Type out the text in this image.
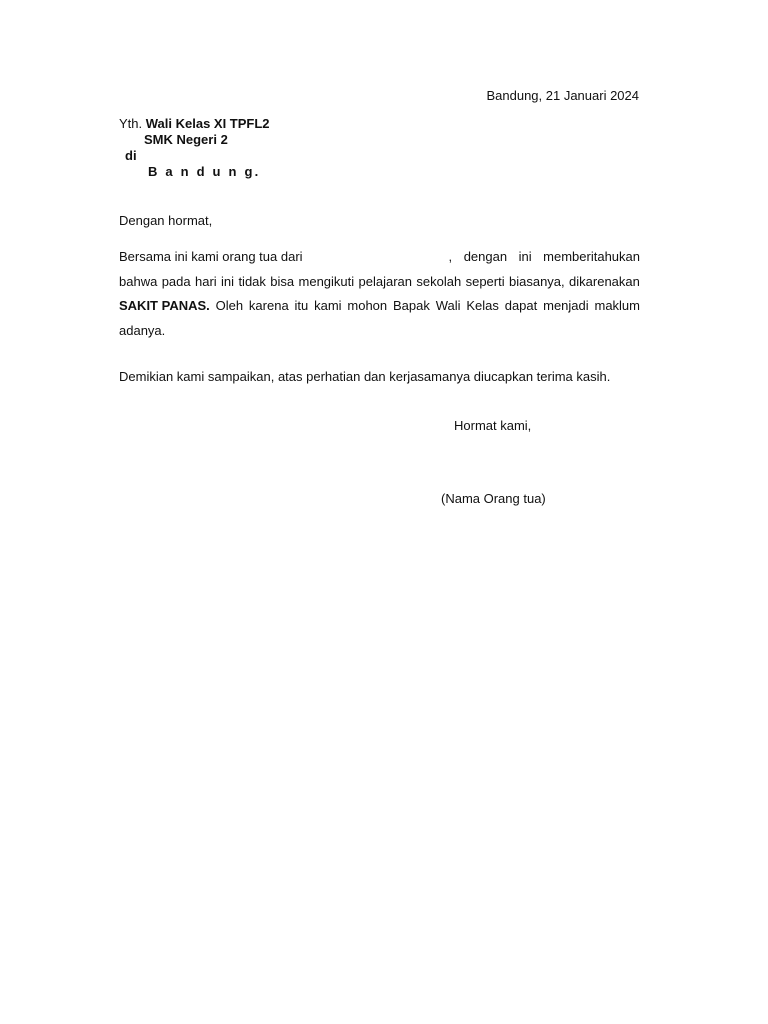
Bandung, 21 Januari 2024
Yth. Wali Kelas XI TPFL2
SMK Negeri 2
di
B a n d u n g.
Dengan hormat,
Bersama ini kami orang tua dari	, dengan ini memberitahukan
bahwa pada hari ini tidak bisa mengikuti pelajaran sekolah seperti biasanya, dikarenakan
SAKIT PANAS. Oleh karena itu kami mohon Bapak Wali Kelas dapat menjadi maklum
adanya.
Demikian kami sampaikan, atas perhatian dan kerjasamanya diucapkan terima kasih.
Hormat kami,
(Nama Orang tua)
